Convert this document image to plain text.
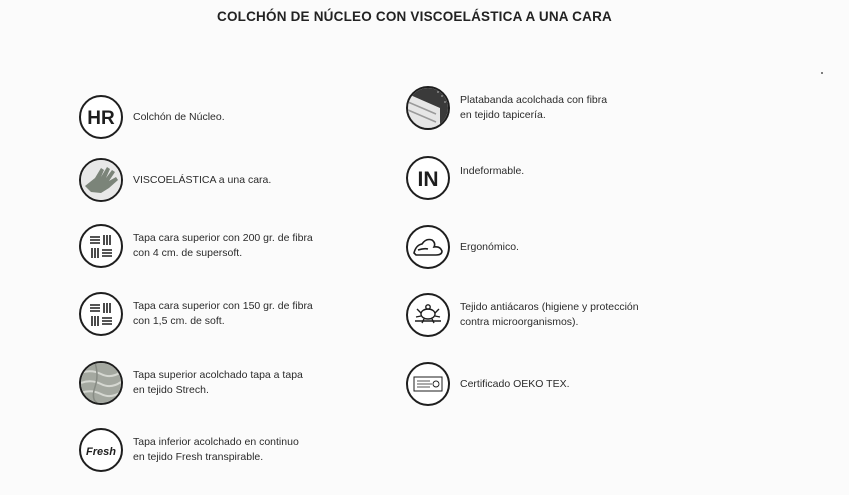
COLCHÓN DE NÚCLEO CON VISCOELÁSTICA A UNA CARA
HR Colchón de Núcleo.
VISCOELÁSTICA a una cara.
Tapa cara superior con 200 gr. de fibra
con 4 cm. de supersoft.
Tapa cara superior con 150 gr. de fibra
con 1,5 cm. de soft.
Tapa superior acolchado tapa a tapa
en tejido Strech.
Fresh
Tapa inferior acolchado en continuo
en tejido Fresh transpirable.
Platabanda acolchada con fibra
en tejido tapicería.
IN Indeformable.
Ergonómico.
Tejido antiácaros (higiene y protección
contra microorganismos).
Certificado OEKO TEX.
